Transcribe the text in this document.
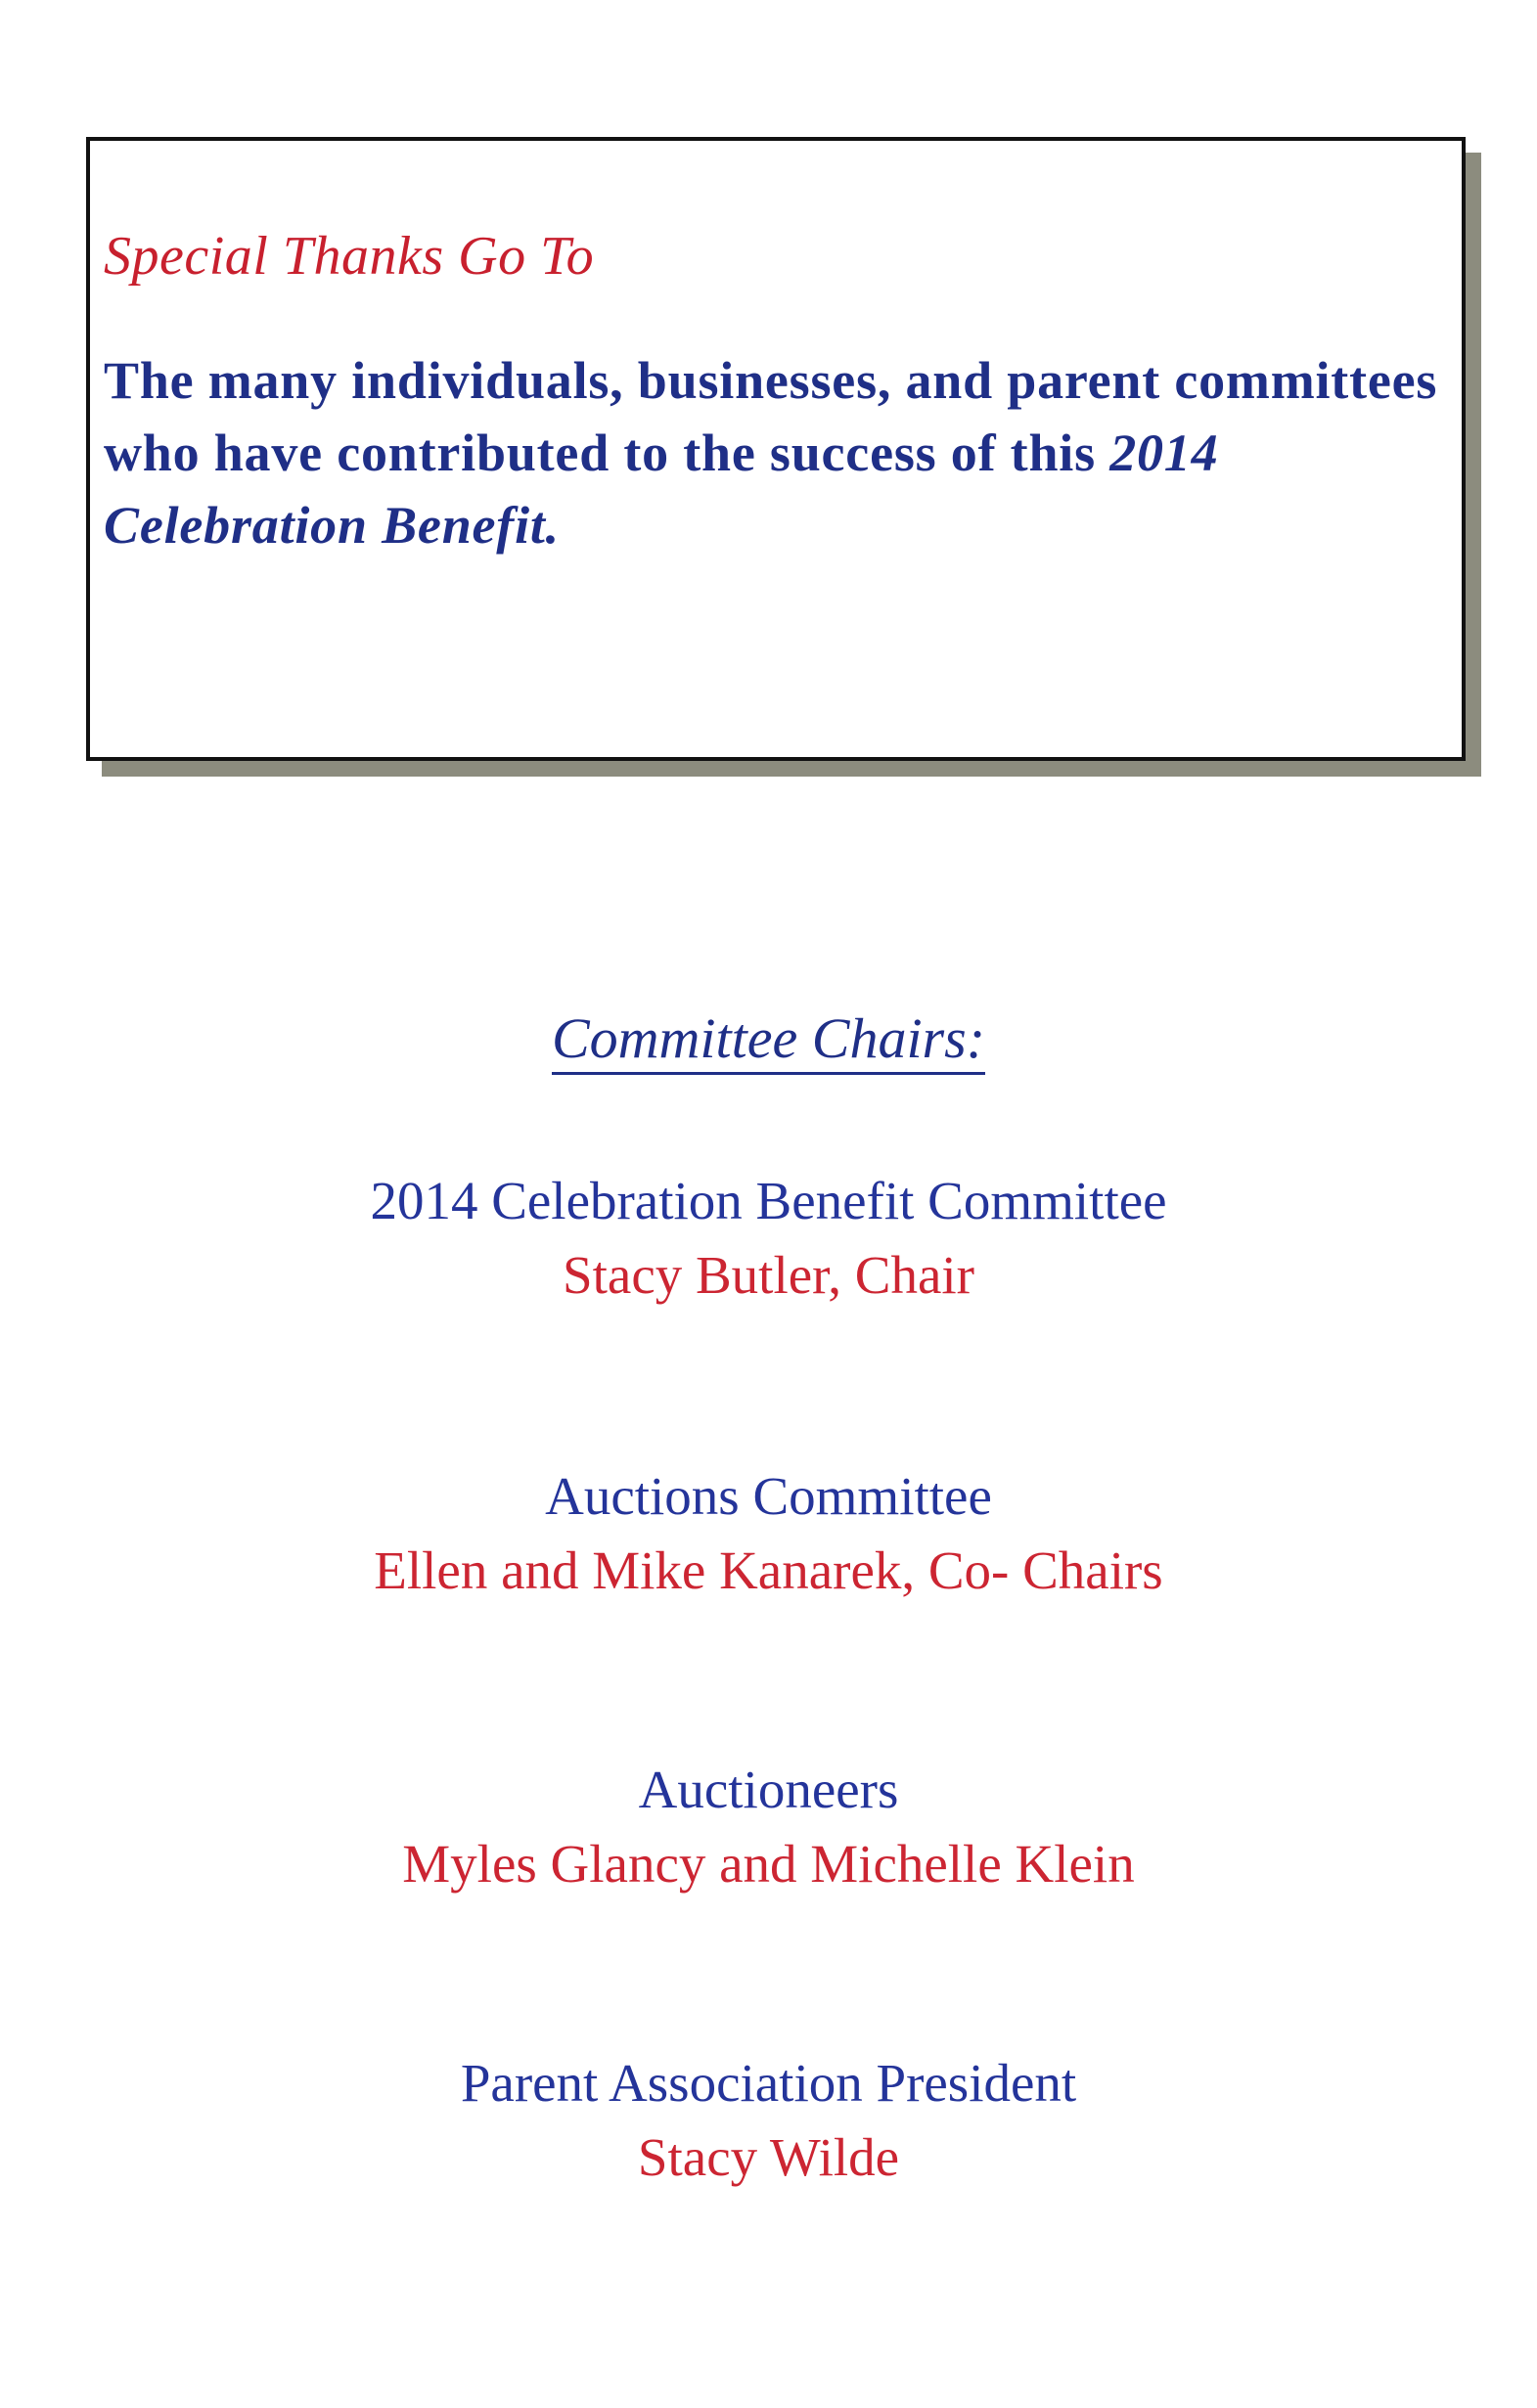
Special Thanks Go To

The many individuals, businesses, and parent committees who have contributed to the success of this 2014 Celebration Benefit.

Committee Chairs:

2014 Celebration Benefit Committee
Stacy Butler, Chair
Auctions Committee
Ellen and Mike Kanarek, Co- Chairs
Auctioneers
Myles Glancy and Michelle Klein
Parent Association President
Stacy Wilde
